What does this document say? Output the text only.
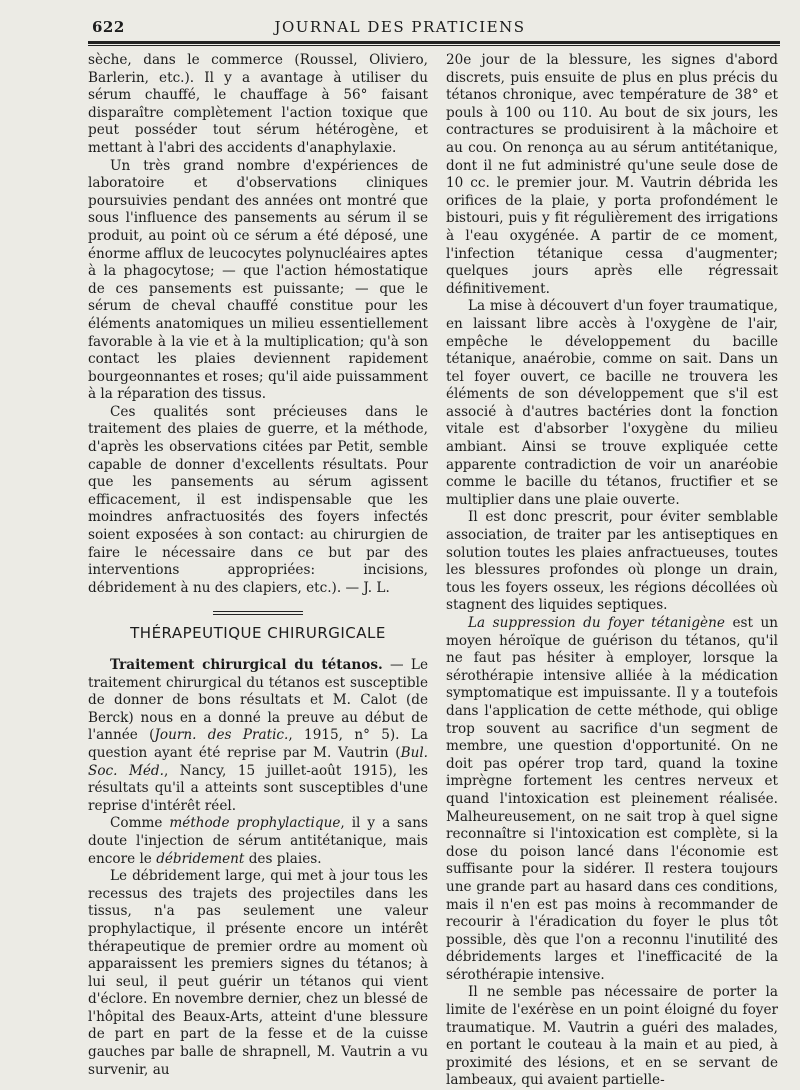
622	JOURNAL DES PRATICIENS

sèche, dans le commerce (Roussel, Oliviero, Barlerin, etc.). Il y a avantage à utiliser du sérum chauffé, le chauffage à 56° faisant disparaître complètement l'action toxique que peut posséder tout sérum hétérogène, et mettant à l'abri des accidents d'anaphylaxie.

Un très grand nombre d'expériences de laboratoire et d'observations cliniques poursuivies pendant des années ont montré que sous l'influence des pansements au sérum il se produit, au point où ce sérum a été déposé, une énorme afflux de leucocytes polynucléaires aptes à la phagocytose; — que l'action hémostatique de ces pansements est puissante; — que le sérum de cheval chauffé constitue pour les éléments anatomiques un milieu essentiellement favorable à la vie et à la multiplication; qu'à son contact les plaies deviennent rapidement bourgeonnantes et roses; qu'il aide puissamment à la réparation des tissus.

Ces qualités sont précieuses dans le traitement des plaies de guerre, et la méthode, d'après les observations citées par Petit, semble capable de donner d'excellents résultats. Pour que les pansements au sérum agissent efficacement, il est indispensable que les moindres anfractuosités des foyers infectés soient exposées à son contact: au chirurgien de faire le nécessaire dans ce but par des interventions appropriées: incisions, débridement à nu des clapiers, etc.). — J. L.

THÉRAPEUTIQUE CHIRURGICALE

Traitement chirurgical du tétanos. — Le traitement chirurgical du tétanos est susceptible de donner de bons résultats et M. Calot (de Berck) nous en a donné la preuve au début de l'année (Journ. des Pratic., 1915, n° 5). La question ayant été reprise par M. Vautrin (Bul. Soc. Méd., Nancy, 15 juillet-août 1915), les résultats qu'il a atteints sont susceptibles d'une reprise d'intérêt réel.

Comme méthode prophylactique, il y a sans doute l'injection de sérum antitétanique, mais encore le débridement des plaies.

Le débridement large, qui met à jour tous les recessus des trajets des projectiles dans les tissus, n'a pas seulement une valeur prophylactique, il présente encore un intérêt thérapeutique de premier ordre au moment où apparaissent les premiers signes du tétanos; à lui seul, il peut guérir un tétanos qui vient d'éclore. En novembre dernier, chez un blessé de l'hôpital des Beaux-Arts, atteint d'une blessure de part en part de la fesse et de la cuisse gauches par balle de shrapnell, M. Vautrin a vu survenir, au

20e jour de la blessure, les signes d'abord discrets, puis ensuite de plus en plus précis du tétanos chronique, avec température de 38° et pouls à 100 ou 110. Au bout de six jours, les contractures se produisirent à la mâchoire et au cou. On renonça au au sérum antitétanique, dont il ne fut administré qu'une seule dose de 10 cc. le premier jour. M. Vautrin débrida les orifices de la plaie, y porta profondément le bistouri, puis y fit régulièrement des irrigations à l'eau oxygénée. A partir de ce moment, l'infection tétanique cessa d'augmenter; quelques jours après elle régressait définitivement.

La mise à découvert d'un foyer traumatique, en laissant libre accès à l'oxygène de l'air, empêche le développement du bacille tétanique, anaérobie, comme on sait. Dans un tel foyer ouvert, ce bacille ne trouvera les éléments de son développement que s'il est associé à d'autres bactéries dont la fonction vitale est d'absorber l'oxygène du milieu ambiant. Ainsi se trouve expliquée cette apparente contradiction de voir un anaréobie comme le bacille du tétanos, fructifier et se multiplier dans une plaie ouverte.

Il est donc prescrit, pour éviter semblable association, de traiter par les antiseptiques en solution toutes les plaies anfractueuses, toutes les blessures profondes où plonge un drain, tous les foyers osseux, les régions décollées où stagnent des liquides septiques.

La suppression du foyer tétanigène est un moyen héroïque de guérison du tétanos, qu'il ne faut pas hésiter à employer, lorsque la sérothérapie intensive alliée à la médication symptomatique est impuissante. Il y a toutefois dans l'application de cette méthode, qui oblige trop souvent au sacrifice d'un segment de membre, une question d'opportunité. On ne doit pas opérer trop tard, quand la toxine imprègne fortement les centres nerveux et quand l'intoxication est pleinement réalisée. Malheureusement, on ne sait trop à quel signe reconnaître si l'intoxication est complète, si la dose du poison lancé dans l'économie est suffisante pour la sidérer. Il restera toujours une grande part au hasard dans ces conditions, mais il n'en est pas moins à recommander de recourir à l'éradication du foyer le plus tôt possible, dès que l'on a reconnu l'inutilité des débridements larges et l'inefficacité de la sérothérapie intensive.

Il ne semble pas nécessaire de porter la limite de l'exérèse en un point éloigné du foyer traumatique. M. Vautrin a guéri des malades, en portant le couteau à la main et au pied, à proximité des lésions, et en se servant de lambeaux, qui avaient partielle-
